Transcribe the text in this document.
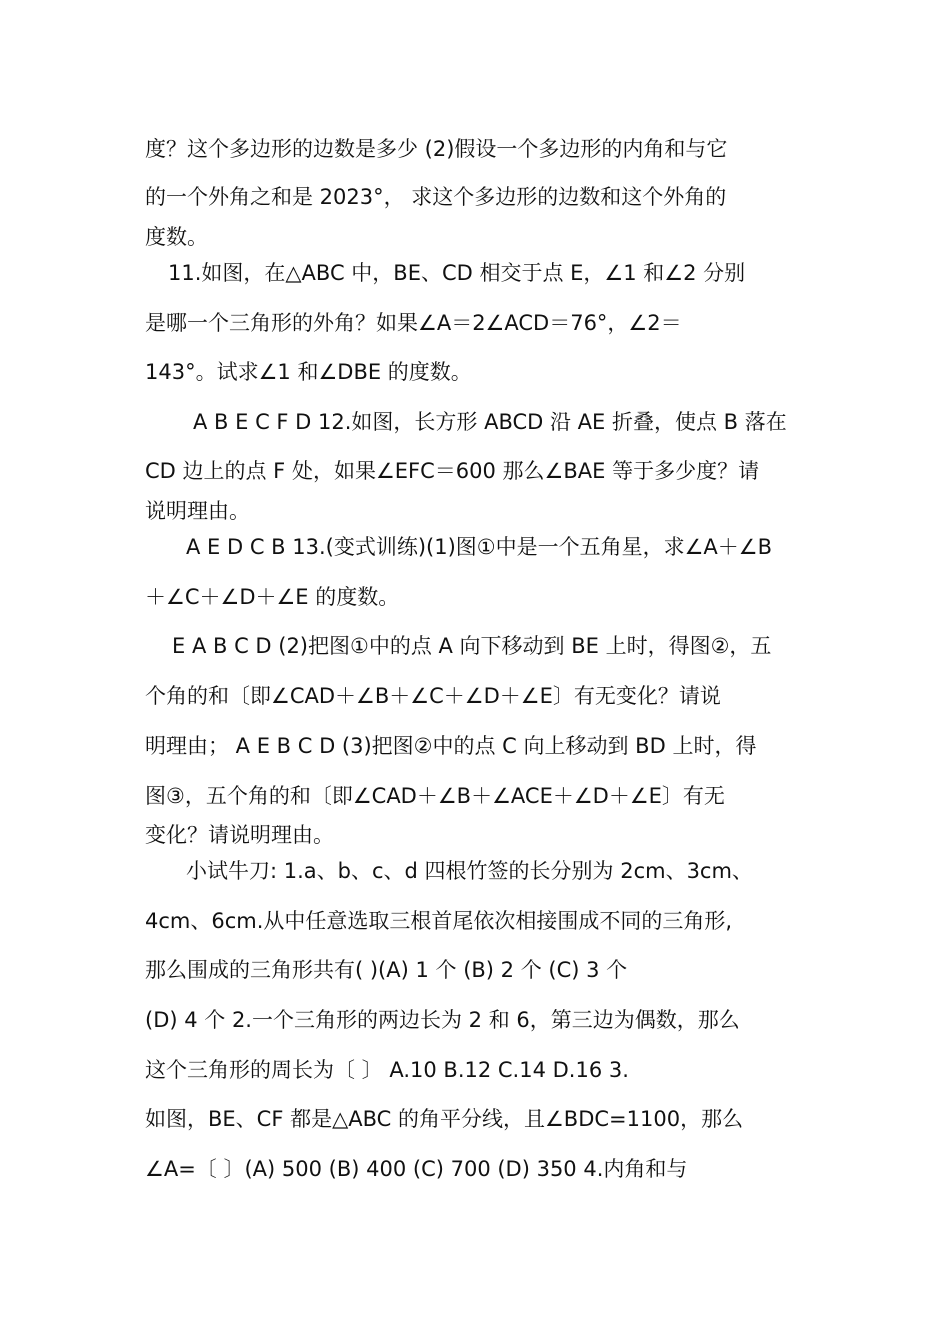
度？这个多边形的边数是多少 (2)假设一个多边形的内角和与它
的一个外角之和是 2023°， 求这个多边形的边数和这个外角的
度数。
11.如图，在△ABC 中，BE、CD 相交于点 E，∠1 和∠2 分别
是哪一个三角形的外角？如果∠A＝2∠ACD＝76°，∠2＝
143°。试求∠1 和∠DBE 的度数。
A B E C F D 12.如图，长方形 ABCD 沿 AE 折叠，使点 B 落在
CD 边上的点 F 处，如果∠EFC＝600 那么∠BAE 等于多少度？请
说明理由。
A E D C B 13.(变式训练)(1)图①中是一个五角星，求∠A＋∠B
＋∠C＋∠D＋∠E 的度数。
E A B C D (2)把图①中的点 A 向下移动到 BE 上时，得图②，五
个角的和〔即∠CAD＋∠B＋∠C＋∠D＋∠E〕有无变化？请说
明理由； A E B C D (3)把图②中的点 C 向上移动到 BD 上时，得
图③，五个角的和〔即∠CAD＋∠B＋∠ACE＋∠D＋∠E〕有无
变化？请说明理由。
小试牛刀: 1.a、b、c、d 四根竹签的长分别为 2cm、3cm、
4cm、6cm.从中任意选取三根首尾依次相接围成不同的三角形,
那么围成的三角形共有( )(A) 1 个 (B) 2 个 (C) 3 个
(D) 4 个 2.一个三角形的两边长为 2 和 6，第三边为偶数，那么
这个三角形的周长为〔 〕 A.10 B.12 C.14 D.16 3.
如图，BE、CF 都是△ABC 的角平分线，且∠BDC=1100，那么
∠A=〔 〕(A) 500 (B) 400 (C) 700 (D) 350 4.内角和与
